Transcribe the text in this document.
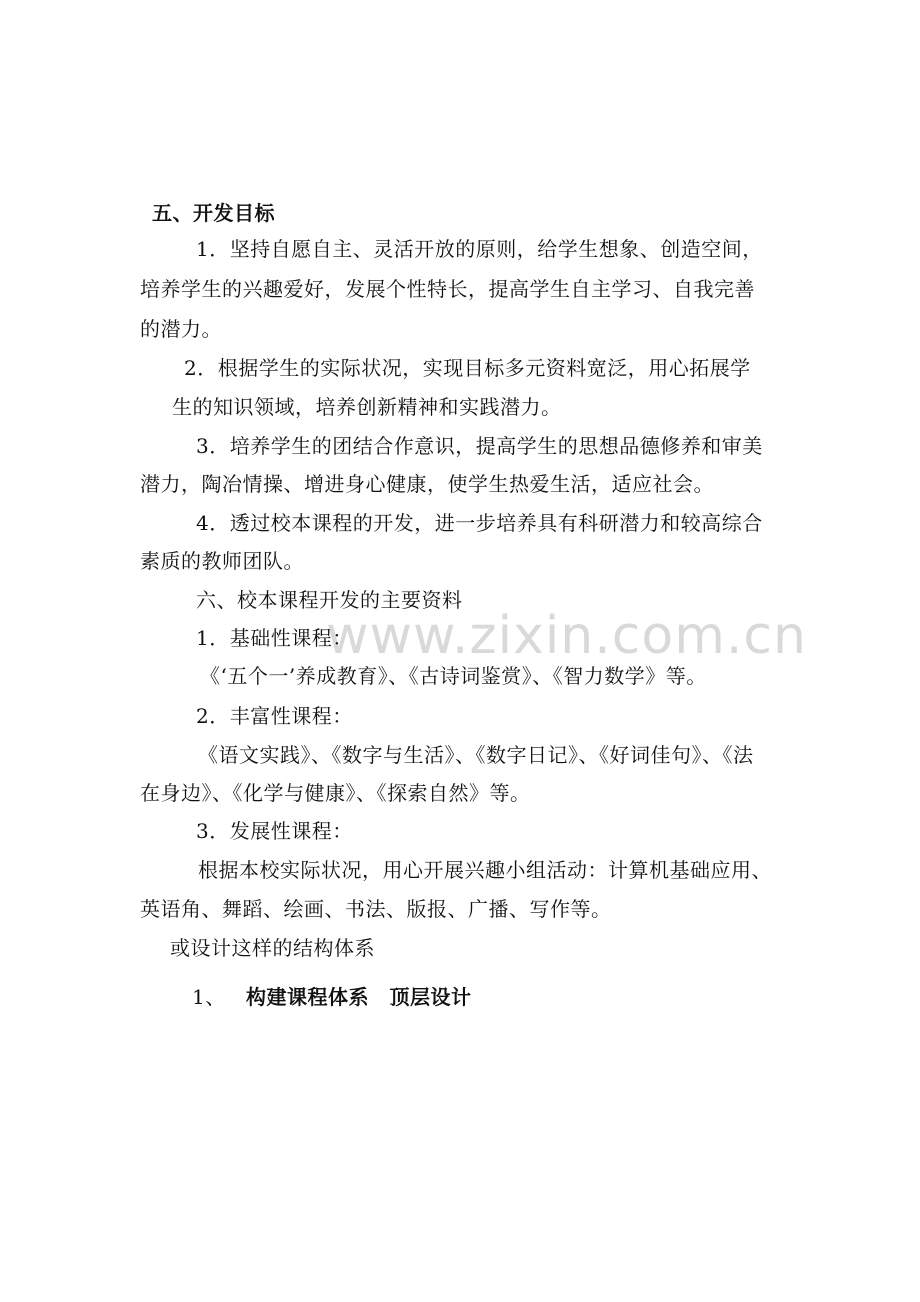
www.zixin.com.cn
五、开发目标
1．坚持自愿自主、灵活开放的原则，给学生想象、创造空间，
培养学生的兴趣爱好，发展个性特长，提高学生自主学习、自我完善
的潜力。
2．根据学生的实际状况，实现目标多元资料宽泛，用心拓展学
生的知识领域，培养创新精神和实践潜力。
3．培养学生的团结合作意识，提高学生的思想品德修养和审美
潜力，陶冶情操、增进身心健康，使学生热爱生活，适应社会。
4．透过校本课程的开发，进一步培养具有科研潜力和较高综合
素质的教师团队。
六、校本课程开发的主要资料
1．基础性课程：
《‘五个一’养成教育》、《古诗词鉴赏》、《智力数学》等。
2．丰富性课程：
《语文实践》、《数字与生活》、《数字日记》、《好词佳句》、《法
在身边》、《化学与健康》、《探索自然》等。
3．发展性课程：
根据本校实际状况，用心开展兴趣小组活动：计算机基础应用、
英语角、舞蹈、绘画、书法、版报、广播、写作等。
或设计这样的结构体系
1、 构建课程体系　顶层设计
